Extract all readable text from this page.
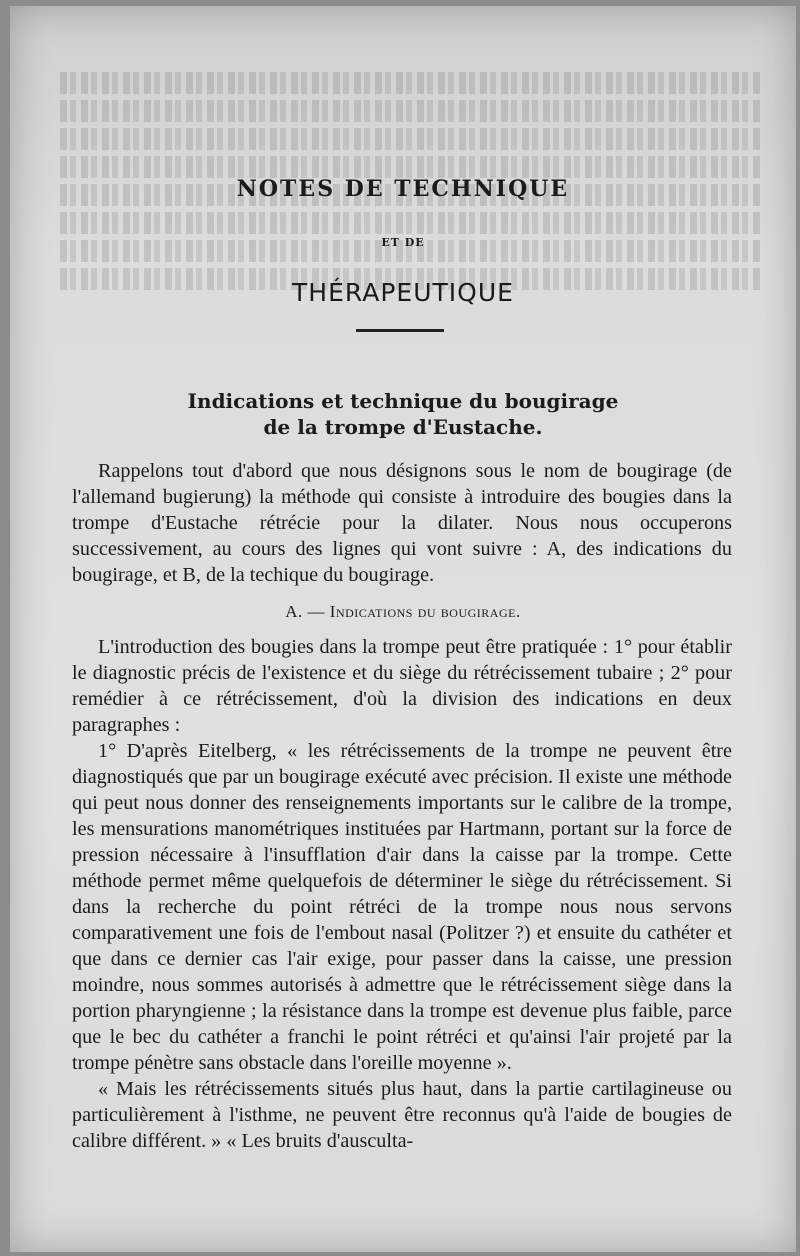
NOTES DE TECHNIQUE
ET DE
THÉRAPEUTIQUE
Indications et technique du bougirage
de la trompe d'Eustache.

Rappelons tout d'abord que nous désignons sous le nom de bougirage (de l'allemand bugierung) la méthode qui consiste à introduire des bougies dans la trompe d'Eustache rétrécie pour la dilater. Nous nous occuperons successivement, au cours des lignes qui vont suivre : A, des indications du bougirage, et B, de la techique du bougirage.

A. — Indications du bougirage.

L'introduction des bougies dans la trompe peut être pratiquée : 1° pour établir le diagnostic précis de l'existence et du siège du rétrécissement tubaire ; 2° pour remédier à ce rétrécissement, d'où la division des indications en deux paragraphes :

1° D'après Eitelberg, « les rétrécissements de la trompe ne peuvent être diagnostiqués que par un bougirage exécuté avec précision. Il existe une méthode qui peut nous donner des renseignements importants sur le calibre de la trompe, les mensurations manométriques instituées par Hartmann, portant sur la force de pression nécessaire à l'insufflation d'air dans la caisse par la trompe. Cette méthode permet même quelquefois de déterminer le siège du rétrécissement. Si dans la recherche du point rétréci de la trompe nous nous servons comparativement une fois de l'embout nasal (Politzer ?) et ensuite du cathéter et que dans ce dernier cas l'air exige, pour passer dans la caisse, une pression moindre, nous sommes autorisés à admettre que le rétrécissement siège dans la portion pharyngienne ; la résistance dans la trompe est devenue plus faible, parce que le bec du cathéter a franchi le point rétréci et qu'ainsi l'air projeté par la trompe pénètre sans obstacle dans l'oreille moyenne ».

« Mais les rétrécissements situés plus haut, dans la partie cartilagineuse ou particulièrement à l'isthme, ne peuvent être reconnus qu'à l'aide de bougies de calibre différent. » « Les bruits d'ausculta-
